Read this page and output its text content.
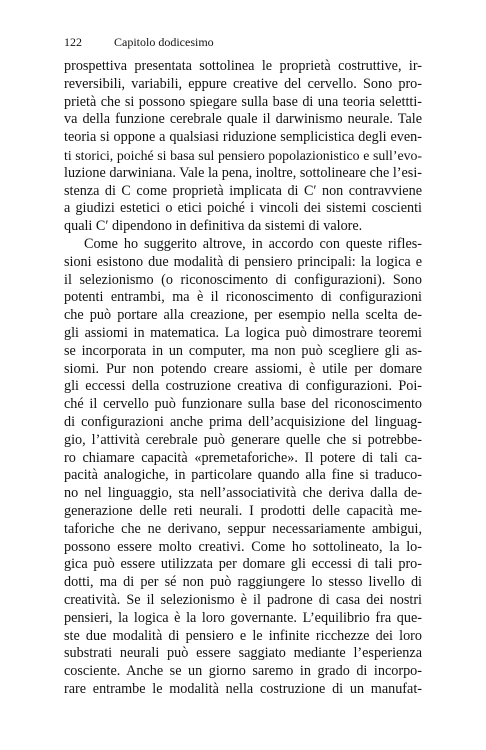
122	Capitolo dodicesimo
prospettiva presentata sottolinea le proprietà costruttive, ir-
reversibili, variabili, eppure creative del cervello. Sono pro-
prietà che si possono spiegare sulla base di una teoria selettti-
va della funzione cerebrale quale il darwinismo neurale. Tale
teoria si oppone a qualsiasi riduzione semplicistica degli even-
ti storici, poiché si basa sul pensiero popolazionistico e sull’evo-
luzione darwiniana. Vale la pena, inoltre, sottolineare che l’esi-
stenza di C come proprietà implicata di C′ non contravviene
a giudizi estetici o etici poiché i vincoli dei sistemi coscienti
quali C′ dipendono in definitiva da sistemi di valore.
Come ho suggerito altrove, in accordo con queste rifles-
sioni esistono due modalità di pensiero principali: la logica e
il selezionismo (o riconoscimento di configurazioni). Sono
potenti entrambi, ma è il riconoscimento di configurazioni
che può portare alla creazione, per esempio nella scelta de-
gli assiomi in matematica. La logica può dimostrare teoremi
se incorporata in un computer, ma non può scegliere gli as-
siomi. Pur non potendo creare assiomi, è utile per domare
gli eccessi della costruzione creativa di configurazioni. Poi-
ché il cervello può funzionare sulla base del riconoscimento
di configurazioni anche prima dell’acquisizione del linguag-
gio, l’attività cerebrale può generare quelle che si potrebbe-
ro chiamare capacità «premetaforiche». Il potere di tali ca-
pacità analogiche, in particolare quando alla fine si traduco-
no nel linguaggio, sta nell’associatività che deriva dalla de-
generazione delle reti neurali. I prodotti delle capacità me-
taforiche che ne derivano, seppur necessariamente ambigui,
possono essere molto creativi. Come ho sottolineato, la lo-
gica può essere utilizzata per domare gli eccessi di tali pro-
dotti, ma di per sé non può raggiungere lo stesso livello di
creatività. Se il selezionismo è il padrone di casa dei nostri
pensieri, la logica è la loro governante. L’equilibrio fra que-
ste due modalità di pensiero e le infinite ricchezze dei loro
substrati neurali può essere saggiato mediante l’esperienza
cosciente. Anche se un giorno saremo in grado di incorpo-
rare entrambe le modalità nella costruzione di un manufat-
